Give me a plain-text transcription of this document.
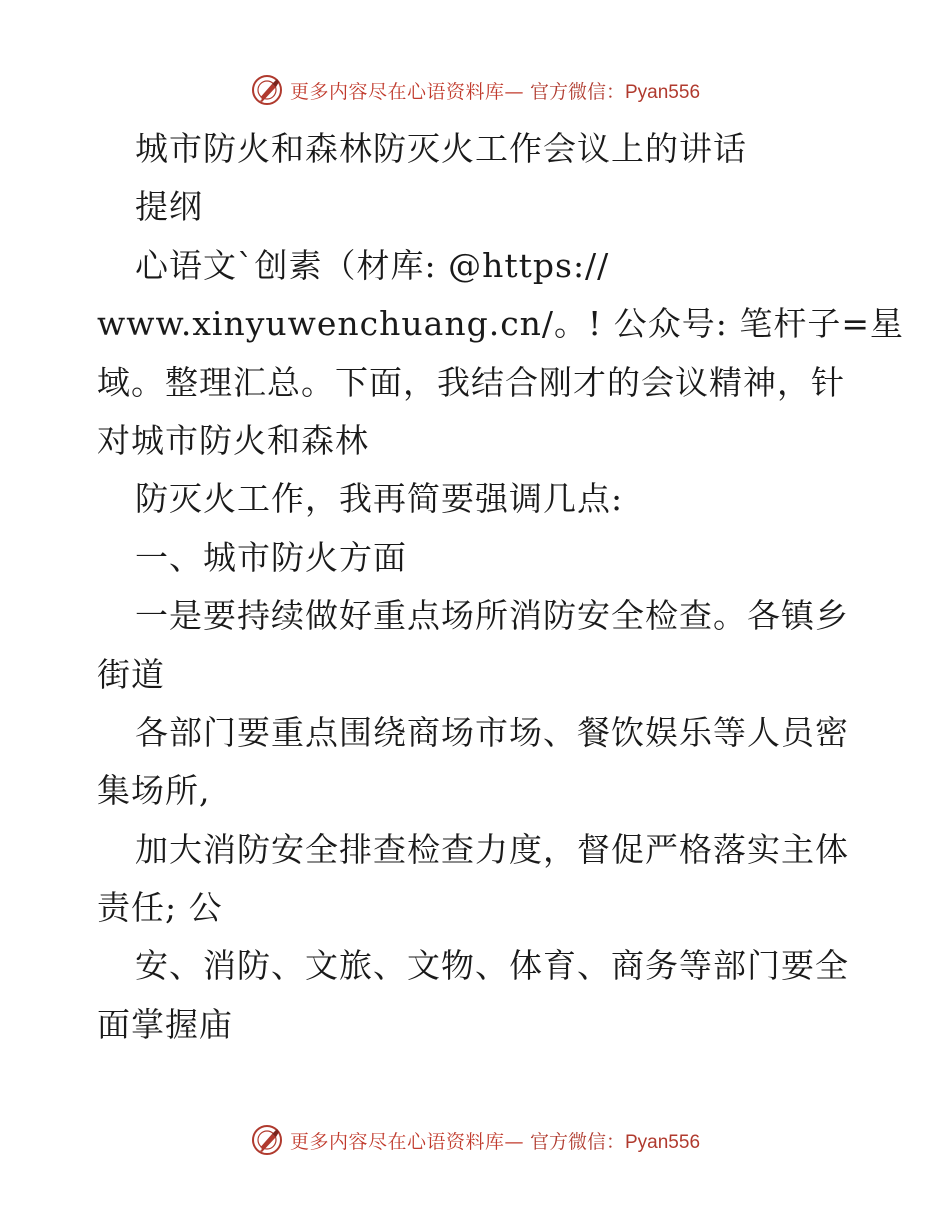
更多内容尽在心语资料库— 官方微信：Pyan556
城市防火和森林防灭火工作会议上的讲话
提纲
心语文`创素（材库: @https://
www.xinyuwenchuang.cn/。! 公众号: 笔杆子=星
域。整理汇总。下面，我结合刚才的会议精神，针
对城市防火和森林
防灭火工作，我再简要强调几点:
一、城市防火方面
一是要持续做好重点场所消防安全检查。各镇乡
街道
各部门要重点围绕商场市场、餐饮娱乐等人员密
集场所,
加大消防安全排查检查力度，督促严格落实主体
责任; 公
安、消防、文旅、文物、体育、商务等部门要全
面掌握庙
更多内容尽在心语资料库— 官方微信：Pyan556
